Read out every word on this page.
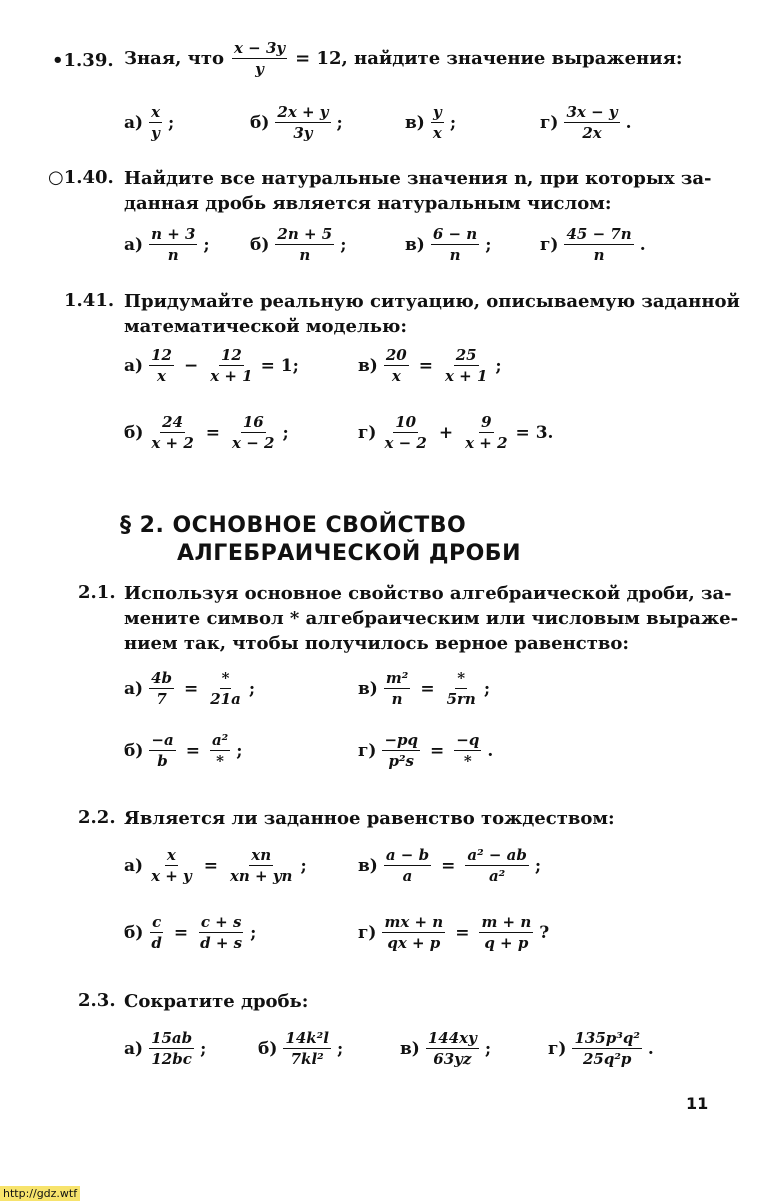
•1.39. Зная, что $\frac{x - 3y}{y} = 12$, найдите значение выражения:
$а) \frac{x}{y}$ ;	$б) \frac{2x + y}{3y}$ ;	$в) \frac{y}{x}$ ;	$г) \frac{3x - y}{2x}$ .
○1.40. Найдите все натуральные значения n, при которых за-
данная дробь является натуральным числом:
$а) \frac{n + 3}{n}$ ; $б) \frac{2n + 5}{n}$ ;	$в) \frac{6 - n}{n}$ ;	$г) \frac{45 - 7n}{n}$ .
1.41. Придумайте реальную ситуацию, описываемую заданной
математической моделью:
$а) \frac{12}{x} - \frac{12}{x + 1} = 1$;	$в) \frac{20}{x} = \frac{25}{x + 1}$ ;
$б) \frac{24}{x + 2} = \frac{16}{x - 2}$ ;	$г) \frac{10}{x - 2} + \frac{9}{x + 2} = 3$.
§ 2. ОСНОВНОЕ СВОЙСТВО
АЛГЕБРАИЧЕСКОЙ ДРОБИ
2.1. Используя основное свойство алгебраической дроби, за-
мените символ * алгебраическим или числовым выраже-
нием так, чтобы получилось верное равенство:
$а) \frac{4b}{7} = \frac{*}{21a}$ ;	$в) \frac{\text{m²}}{n} = \frac{*}{5rn}$ ;
$б) \frac{-a}{b} = \frac{\text{a²}}{*}$ ;	$г) \frac{-pq}{\text{p²s}} = \frac{-q}{*}$ .
2.2. Является ли заданное равенство тождеством:
$а) \frac{x}{x + y} = \frac{xn}{xn + yn}$ ;	$в) \frac{a - b}{a} = \frac{\text{a² − ab}}{\text{a²}}$ ;
$б) \frac{c}{d} = \frac{c + s}{d + s}$ ;	$г) \frac{mx + n}{qx + p} = \frac{m + n}{q + p}$ ?
2.3. Сократите дробь:
$а) \frac{15ab}{12bc}$ ;	$б) \frac{\text{14k²l}}{\text{7kl²}}$ ;	$в) \frac{144xy}{63yz}$ ;	$г) \frac{\text{135p³q²}}{\text{25q²p}}$ .
11
http://gdz.wtf
